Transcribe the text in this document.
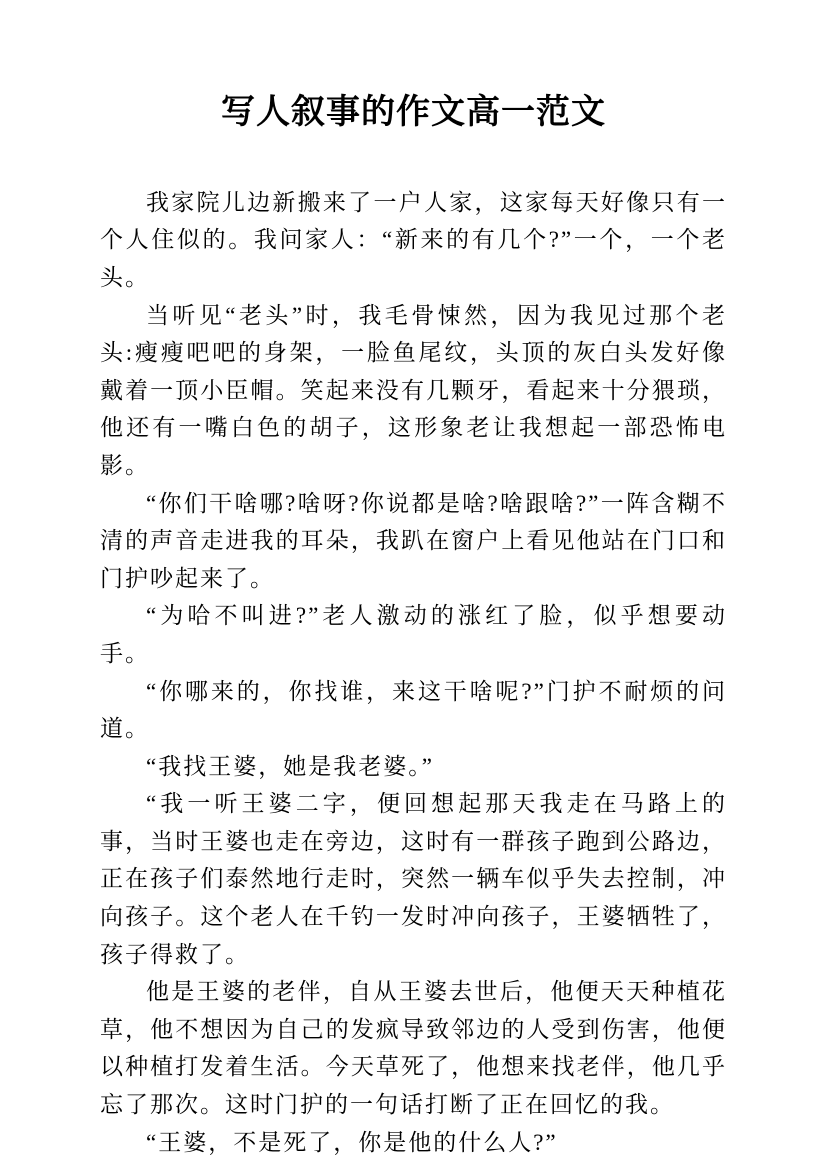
写人叙事的作文高一范文

我家院儿边新搬来了一户人家，这家每天好像只有一个人住似的。我问家人：“新来的有几个?”一个，一个老头。

当听见“老头”时，我毛骨悚然，因为我见过那个老头:瘦瘦吧吧的身架，一脸鱼尾纹，头顶的灰白头发好像戴着一顶小臣帽。笑起来没有几颗牙，看起来十分猥琐，他还有一嘴白色的胡子，这形象老让我想起一部恐怖电影。

“你们干啥哪?啥呀?你说都是啥?啥跟啥?”一阵含糊不清的声音走进我的耳朵，我趴在窗户上看见他站在门口和门护吵起来了。

“为哈不叫进?”老人激动的涨红了脸，似乎想要动手。

“你哪来的，你找谁，来这干啥呢?”门护不耐烦的问道。

“我找王婆，她是我老婆。”

“我一听王婆二字，便回想起那天我走在马路上的事，当时王婆也走在旁边，这时有一群孩子跑到公路边，正在孩子们泰然地行走时，突然一辆车似乎失去控制，冲向孩子。这个老人在千钓一发时冲向孩子，王婆牺牲了，孩子得救了。

他是王婆的老伴，自从王婆去世后，他便天天种植花草，他不想因为自己的发疯导致邻边的人受到伤害，他便以种植打发着生活。今天草死了，他想来找老伴，他几乎忘了那次。这时门护的一句话打断了正在回忆的我。

“王婆，不是死了，你是他的什么人?”
